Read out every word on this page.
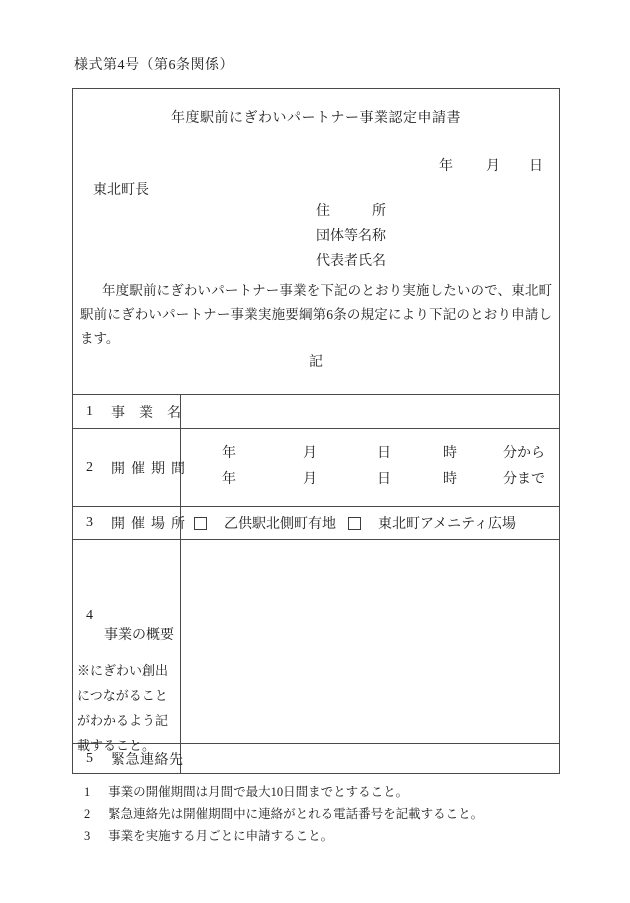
様式第4号（第6条関係）
年度駅前にぎわいパートナー事業認定申請書
年 月 日
東北町長
住　　　所
団体等名称
代表者氏名
年度駅前にぎわいパートナー事業を下記のとおり実施したいので、東北町駅前にぎわいパートナー事業実施要綱第6条の規定により下記のとおり申請します。
記
1 事業名
2 開催期間
年	月	日	時	分から
年	月	日	時	分まで
3 開催場所 乙供駅北側町有地	東北町アメニティ広場
4 事業の概要
※にぎわい創出につながることがわかるよう記載すること。
5 緊急連絡先
1 事業の開催期間は月間で最大10日間までとすること。
2 緊急連絡先は開催期間中に連絡がとれる電話番号を記載すること。
3 事業を実施する月ごとに申請すること。
